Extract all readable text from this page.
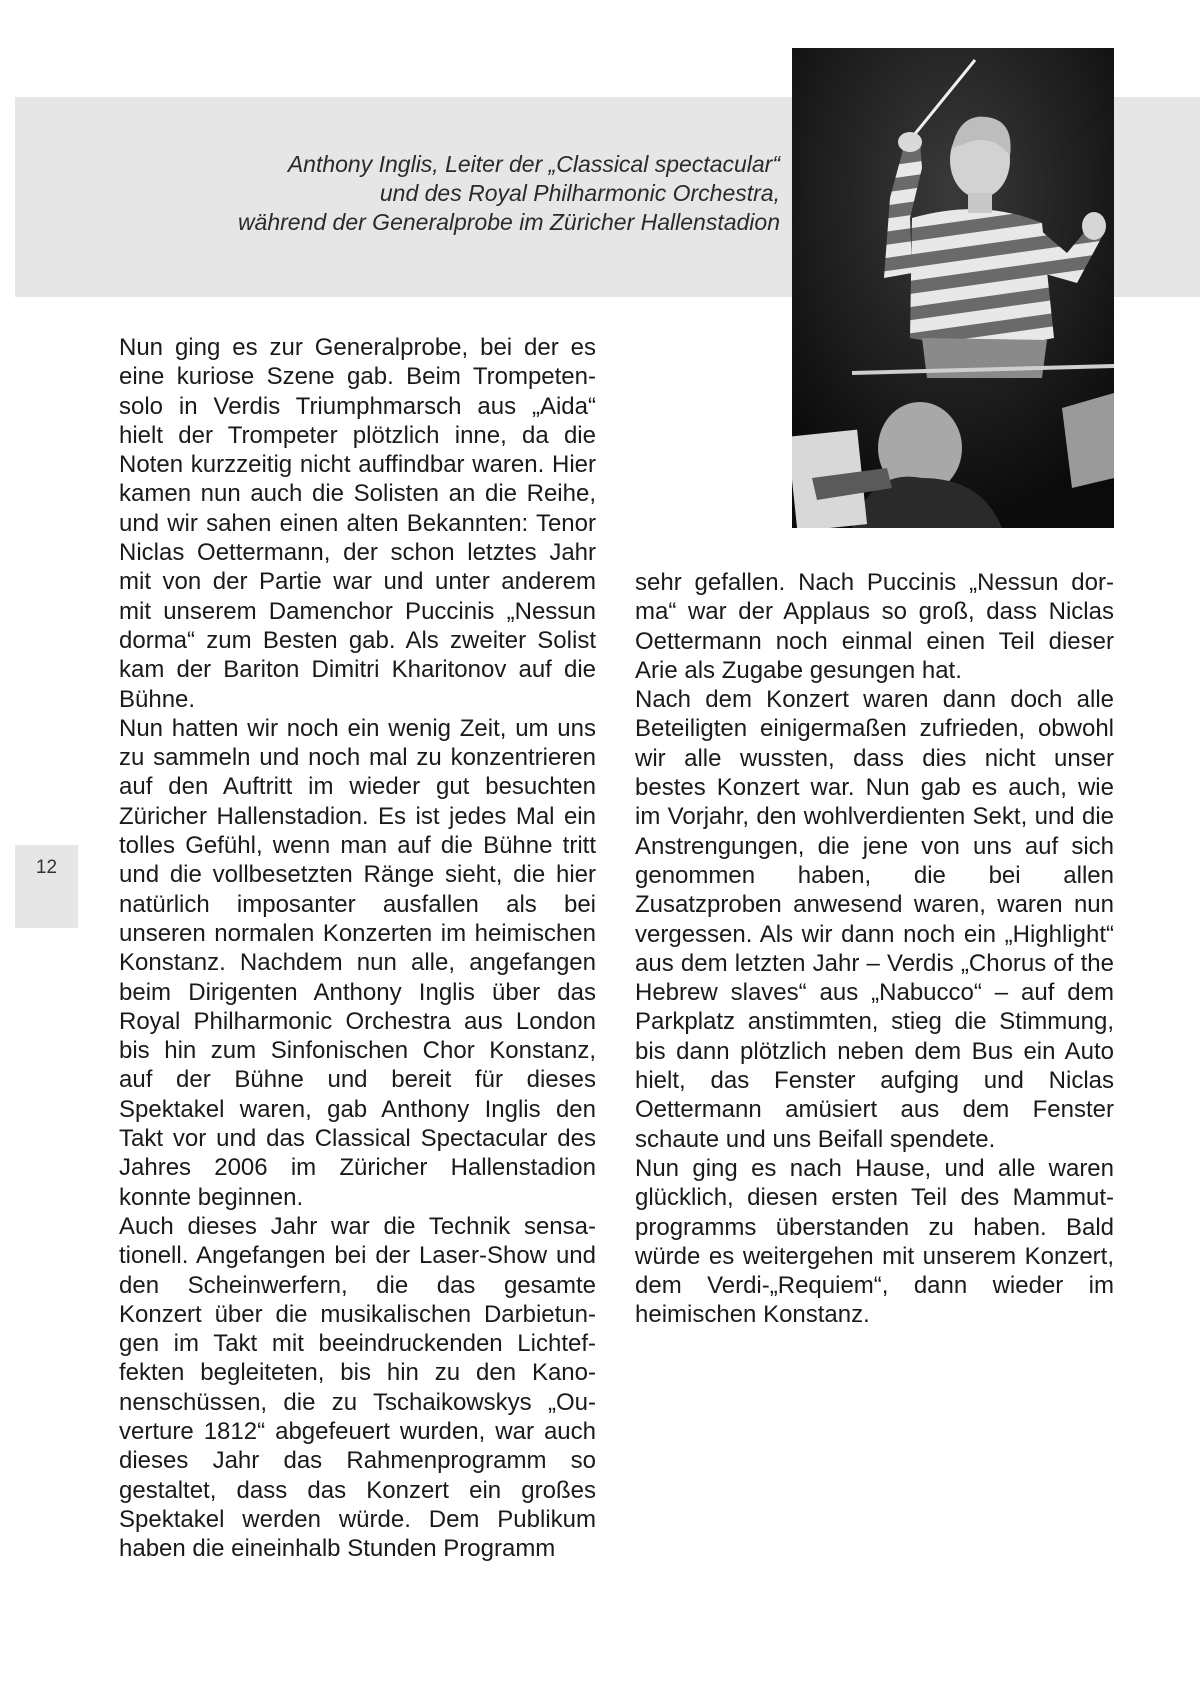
Anthony Inglis, Leiter der „Classical spectacular“
und des Royal Philharmonic Orchestra,
während der Generalprobe im Züricher Hallenstadion
12

Nun ging es zur Generalprobe, bei der es eine kuriose Szene gab. Beim Trompetensolo in Verdis Triumphmarsch aus „Aida“ hielt der Trompeter plötzlich inne, da die Noten kurzzeitig nicht auffindbar waren. Hier kamen nun auch die Solisten an die Reihe, und wir sahen einen alten Bekannten: Tenor Niclas Oettermann, der schon letztes Jahr mit von der Partie war und unter anderem mit unserem Damenchor Puccinis „Nessun dorma“ zum Besten gab. Als zweiter Solist kam der Bariton Dimitri Kharitonov auf die Bühne.

Nun hatten wir noch ein wenig Zeit, um uns zu sammeln und noch mal zu konzentrieren auf den Auftritt im wieder gut besuchten Züricher Hallenstadion. Es ist jedes Mal ein tolles Gefühl, wenn man auf die Bühne tritt und die vollbesetzten Ränge sieht, die hier natürlich imposanter ausfallen als bei unseren normalen Konzerten im heimischen Konstanz. Nachdem nun alle, angefangen beim Dirigenten Anthony Inglis über das Royal Philharmonic Orchestra aus London bis hin zum Sinfonischen Chor Konstanz, auf der Bühne und bereit für dieses Spektakel waren, gab Anthony Inglis den Takt vor und das Classical Spectacular des Jahres 2006 im Züricher Hallenstadion konnte beginnen.

Auch dieses Jahr war die Technik sensationell. Angefangen bei der Laser-Show und den Scheinwerfern, die das gesamte Konzert über die musikalischen Darbietungen im Takt mit beeindruckenden Lichteffekten begleiteten, bis hin zu den Kanonenschüssen, die zu Tschaikowskys „Ouverture 1812“ abgefeuert wurden, war auch dieses Jahr das Rahmenprogramm so gestaltet, dass das Konzert ein großes Spektakel werden würde. Dem Publikum haben die eineinhalb Stunden Programm

sehr gefallen. Nach Puccinis „Nessun dorma“ war der Applaus so groß, dass Niclas Oettermann noch einmal einen Teil dieser Arie als Zugabe gesungen hat.

Nach dem Konzert waren dann doch alle Beteiligten einigermaßen zufrieden, obwohl wir alle wussten, dass dies nicht unser bestes Konzert war. Nun gab es auch, wie im Vorjahr, den wohlverdienten Sekt, und die Anstrengungen, die jene von uns auf sich genommen haben, die bei allen Zusatzproben anwesend waren, waren nun vergessen. Als wir dann noch ein „Highlight“ aus dem letzten Jahr – Verdis „Chorus of the Hebrew slaves“ aus „Nabucco“ – auf dem Parkplatz anstimmten, stieg die Stimmung, bis dann plötzlich neben dem Bus ein Auto hielt, das Fenster aufging und Niclas Oettermann amüsiert aus dem Fenster schaute und uns Beifall spendete.

Nun ging es nach Hause, und alle waren glücklich, diesen ersten Teil des Mammutprogramms überstanden zu haben. Bald würde es weitergehen mit unserem Konzert, dem Verdi-„Requiem“, dann wieder im heimischen Konstanz.
